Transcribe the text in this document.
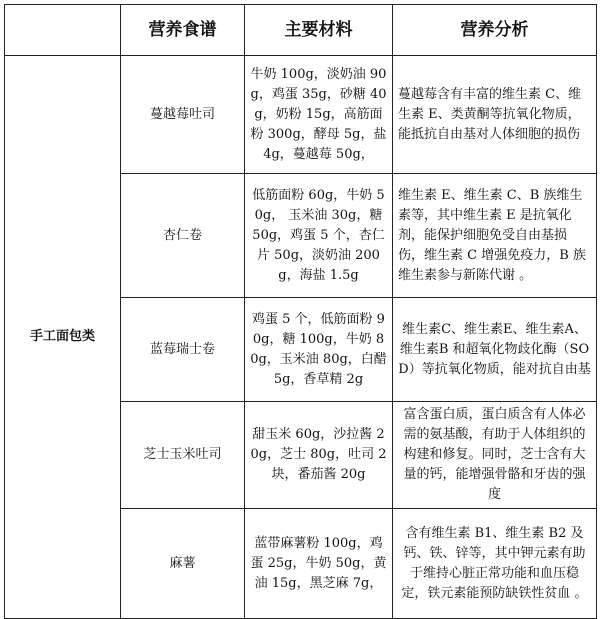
	营养食谱	主要材料	营养分析
手工面包类	蔓越莓吐司	牛奶 100g，淡奶油 90g，鸡蛋 35g，砂糖 40g，奶粉 15g，高筋面粉 300g，酵母 5g，盐 4g，蔓越莓 50g，	蔓越莓含有丰富的维生素 C、维生素 E、类黄酮等抗氧化物质，能抵抗自由基对人体细胞的损伤
	杏仁卷	低筋面粉 60g，牛奶 50g， 玉米油 30g，糖 50g，鸡蛋 5 个，杏仁片 50g，淡奶油 200g，海盐 1.5g	维生素 E、维生素 C、B 族维生素等，其中维生素 E 是抗氧化剂，能保护细胞免受自由基损伤，维生素 C 增强免疫力，B 族维生素参与新陈代谢 。
	蓝莓瑞士卷	鸡蛋 5 个，低筋面粉 90g，糖 100g，牛奶 80g，玉米油 80g，白醋 5g，香草精 2g	维生素C、维生素E、维生素A、维生素B 和超氧化物歧化酶（SOD）等抗氧化物质，能对抗自由基
	芝士玉米吐司	甜玉米 60g，沙拉酱 20g，芝士 80g，吐司 2 块，番茄酱 20g	富含蛋白质，蛋白质含有人体必需的氨基酸，有助于人体组织的构建和修复。同时，芝士含有大量的钙，能增强骨骼和牙齿的强度
	麻薯	蓝带麻薯粉 100g，鸡蛋 25g，牛奶 50g，黄油 15g，黑芝麻 7g，	含有维生素 B1、维生素 B2 及钙、铁、锌等，其中钾元素有助于维持心脏正常功能和血压稳定，铁元素能预防缺铁性贫血 。
